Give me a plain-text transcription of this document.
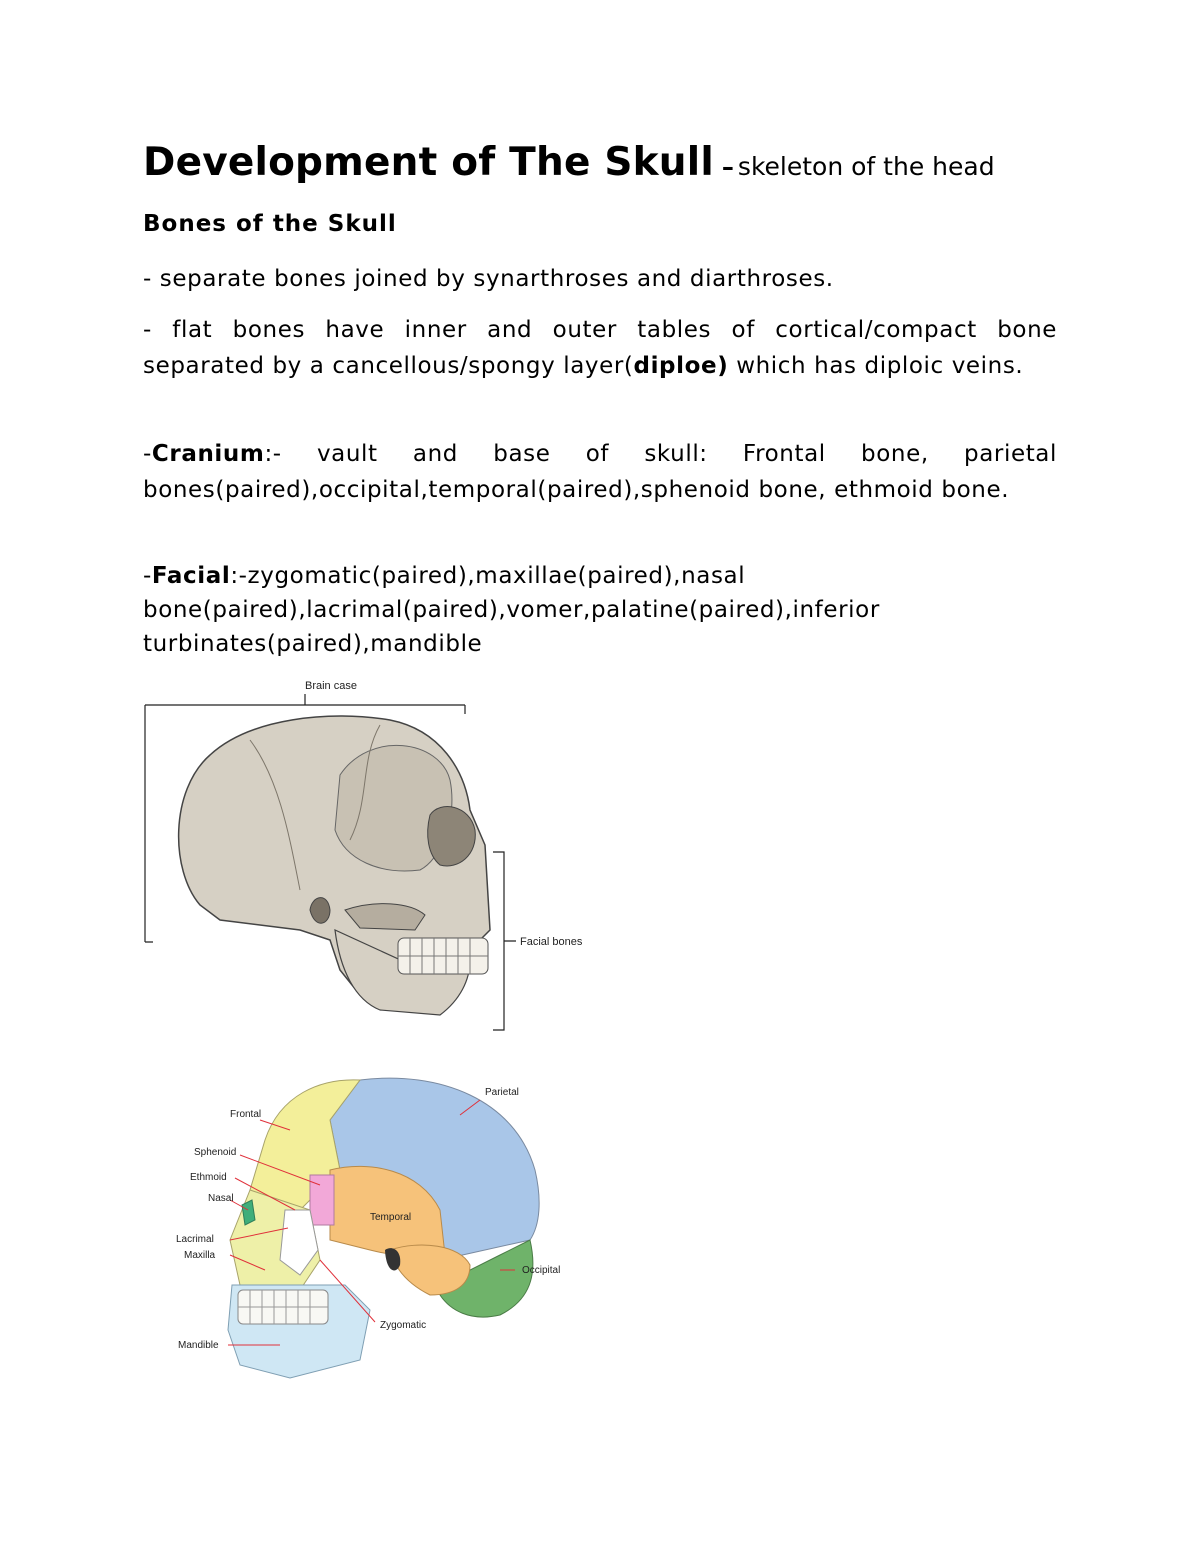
Development of The Skull – skeleton of the head
Bones of the Skull

- separate bones joined by synarthroses and diarthroses.

- flat bones have inner and outer tables of cortical/compact bone separated by a cancellous/spongy layer(diploe) which has diploic veins.

-Cranium:- vault and base of skull: Frontal bone, parietal bones(paired),occipital,temporal(paired),sphenoid bone, ethmoid bone.

-Facial:-zygomatic(paired),maxillae(paired),nasal bone(paired),lacrimal(paired),vomer,palatine(paired),inferior turbinates(paired),mandible

Brain case
Facial bones
Parietal
Frontal
Sphenoid
Ethmoid
Nasal
Temporal
Lacrimal
Maxilla
Occipital
Zygomatic
Mandible
